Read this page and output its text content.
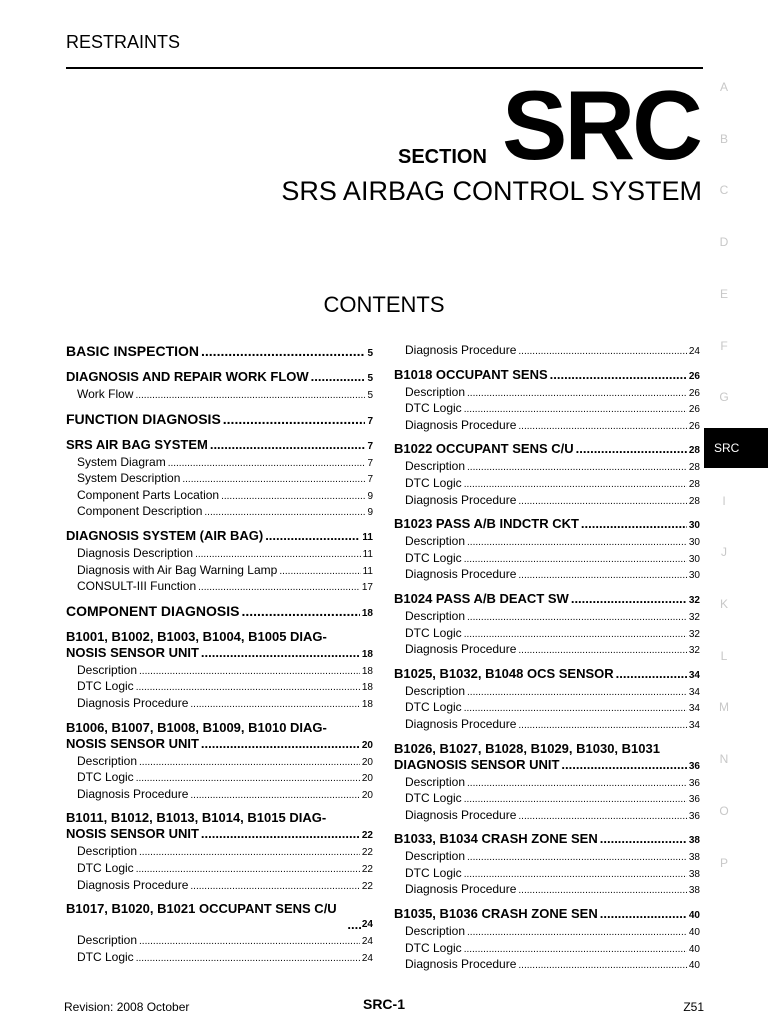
RESTRAINTS
SECTION SRC
SRS AIRBAG CONTROL SYSTEM
CONTENTS
BASIC INSPECTION .....	5
DIAGNOSIS AND REPAIR WORK FLOW .....	5
Work Flow .....	5
FUNCTION DIAGNOSIS .....	7
SRS AIR BAG SYSTEM .....	7
System Diagram .....	7
System Description .....	7
Component Parts Location .....	9
Component Description .....	9
DIAGNOSIS SYSTEM (AIR BAG) .....	11
Diagnosis Description .....	11
Diagnosis with Air Bag Warning Lamp .....	11
CONSULT-III Function .....	17
COMPONENT DIAGNOSIS .....	18
B1001, B1002, B1003, B1004, B1005 DIAG-
NOSIS SENSOR UNIT .....	18
Description .....	18
DTC Logic .....	18
Diagnosis Procedure .....	18
B1006, B1007, B1008, B1009, B1010 DIAG-
NOSIS SENSOR UNIT .....	20
Description .....	20
DTC Logic .....	20
Diagnosis Procedure .....	20
B1011, B1012, B1013, B1014, B1015 DIAG-
NOSIS SENSOR UNIT .....	22
Description .....	22
DTC Logic .....	22
Diagnosis Procedure .....	22
B1017, B1020, B1021 OCCUPANT SENS C/U
.... 24
Description .....	24
DTC Logic .....	24
Diagnosis Procedure .....	24
B1018 OCCUPANT SENS .....	26
Description .....	26
DTC Logic .....	26
Diagnosis Procedure .....	26
B1022 OCCUPANT SENS C/U .....	28
Description .....	28
DTC Logic .....	28
Diagnosis Procedure .....	28
B1023 PASS A/B INDCTR CKT .....	30
Description .....	30
DTC Logic .....	30
Diagnosis Procedure .....	30
B1024 PASS A/B DEACT SW .....	32
Description .....	32
DTC Logic .....	32
Diagnosis Procedure .....	32
B1025, B1032, B1048 OCS SENSOR .....	34
Description .....	34
DTC Logic .....	34
Diagnosis Procedure .....	34
B1026, B1027, B1028, B1029, B1030, B1031
DIAGNOSIS SENSOR UNIT .....	36
Description .....	36
DTC Logic .....	36
Diagnosis Procedure .....	36
B1033, B1034 CRASH ZONE SEN .....	38
Description .....	38
DTC Logic .....	38
Diagnosis Procedure .....	38
B1035, B1036 CRASH ZONE SEN .....	40
Description .....	40
DTC Logic .....	40
Diagnosis Procedure .....	40
A
B
C
D
E
F
G
SRC
I
J
K
L
M
N
O
P
Revision: 2008 October	SRC-1	Z51
